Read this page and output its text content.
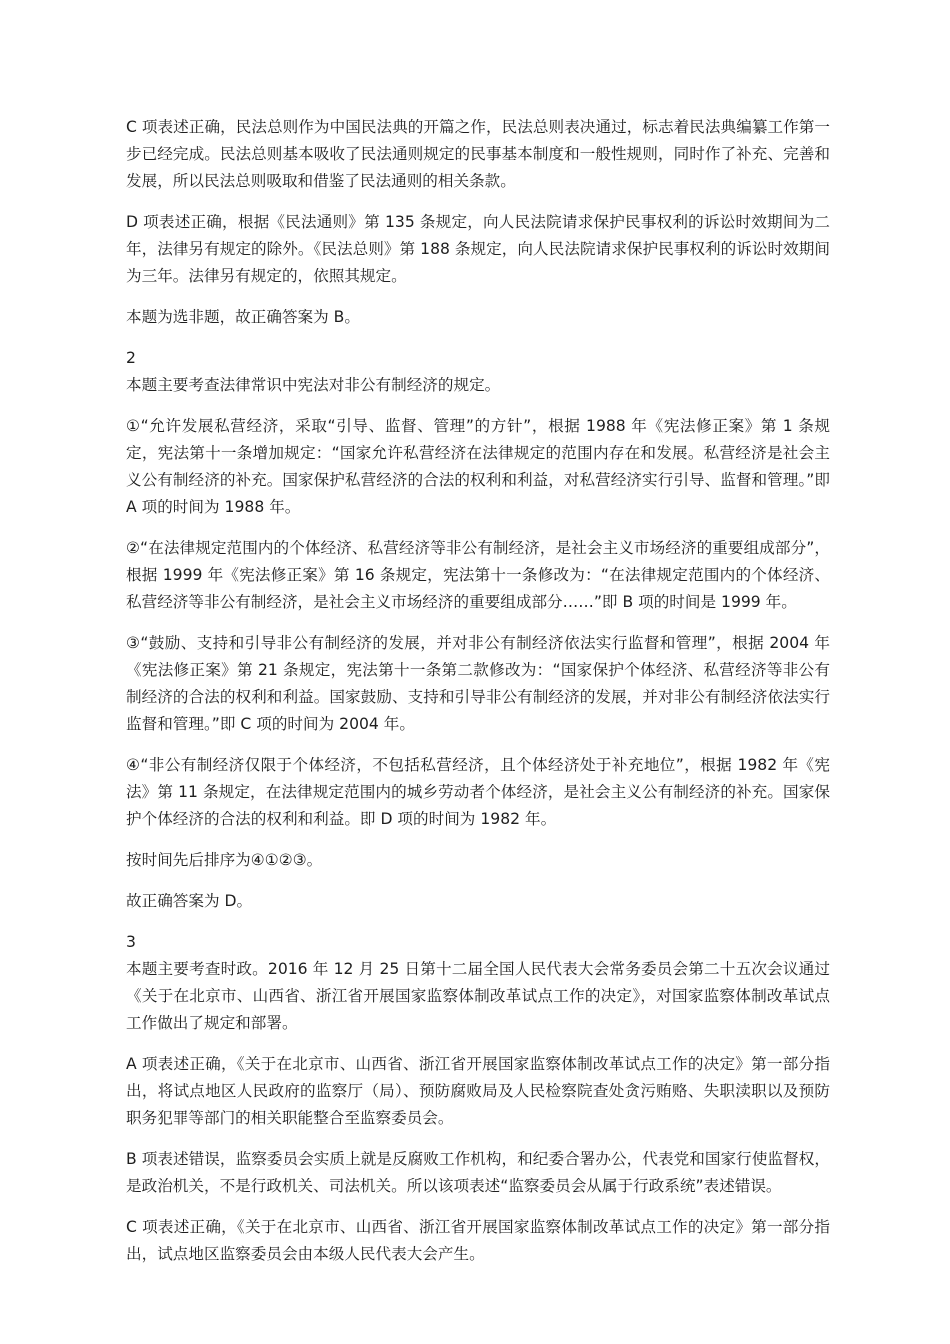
C 项表述正确，民法总则作为中国民法典的开篇之作，民法总则表决通过，标志着民法典编纂工作第一步已经完成。民法总则基本吸收了民法通则规定的民事基本制度和一般性规则，同时作了补充、完善和发展，所以民法总则吸取和借鉴了民法通则的相关条款。

D 项表述正确，根据《民法通则》第 135 条规定，向人民法院请求保护民事权利的诉讼时效期间为二年，法律另有规定的除外。《民法总则》第 188 条规定，向人民法院请求保护民事权利的诉讼时效期间为三年。法律另有规定的，依照其规定。

本题为选非题，故正确答案为 B。

2

本题主要考查法律常识中宪法对非公有制经济的规定。

①“允许发展私营经济，采取“引导、监督、管理”的方针”，根据 1988 年《宪法修正案》第 1 条规定，宪法第十一条增加规定：“国家允许私营经济在法律规定的范围内存在和发展。私营经济是社会主义公有制经济的补充。国家保护私营经济的合法的权利和利益，对私营经济实行引导、监督和管理。”即 A 项的时间为 1988 年。

②“在法律规定范围内的个体经济、私营经济等非公有制经济，是社会主义市场经济的重要组成部分”，根据 1999 年《宪法修正案》第 16 条规定，宪法第十一条修改为：“在法律规定范围内的个体经济、私营经济等非公有制经济，是社会主义市场经济的重要组成部分……”即 B 项的时间是 1999 年。

③“鼓励、支持和引导非公有制经济的发展，并对非公有制经济依法实行监督和管理”，根据 2004 年《宪法修正案》第 21 条规定，宪法第十一条第二款修改为：“国家保护个体经济、私营经济等非公有制经济的合法的权利和利益。国家鼓励、支持和引导非公有制经济的发展，并对非公有制经济依法实行监督和管理。”即 C 项的时间为 2004 年。

④“非公有制经济仅限于个体经济，不包括私营经济，且个体经济处于补充地位”，根据 1982 年《宪法》第 11 条规定，在法律规定范围内的城乡劳动者个体经济，是社会主义公有制经济的补充。国家保护个体经济的合法的权利和利益。即 D 项的时间为 1982 年。

按时间先后排序为④①②③。

故正确答案为 D。

3

本题主要考查时政。2016 年 12 月 25 日第十二届全国人民代表大会常务委员会第二十五次会议通过《关于在北京市、山西省、浙江省开展国家监察体制改革试点工作的决定》，对国家监察体制改革试点工作做出了规定和部署。

A 项表述正确，《关于在北京市、山西省、浙江省开展国家监察体制改革试点工作的决定》第一部分指出，将试点地区人民政府的监察厅（局）、预防腐败局及人民检察院查处贪污贿赂、失职渎职以及预防职务犯罪等部门的相关职能整合至监察委员会。

B 项表述错误，监察委员会实质上就是反腐败工作机构，和纪委合署办公，代表党和国家行使监督权，是政治机关，不是行政机关、司法机关。所以该项表述“监察委员会从属于行政系统”表述错误。

C 项表述正确，《关于在北京市、山西省、浙江省开展国家监察体制改革试点工作的决定》第一部分指出，试点地区监察委员会由本级人民代表大会产生。
